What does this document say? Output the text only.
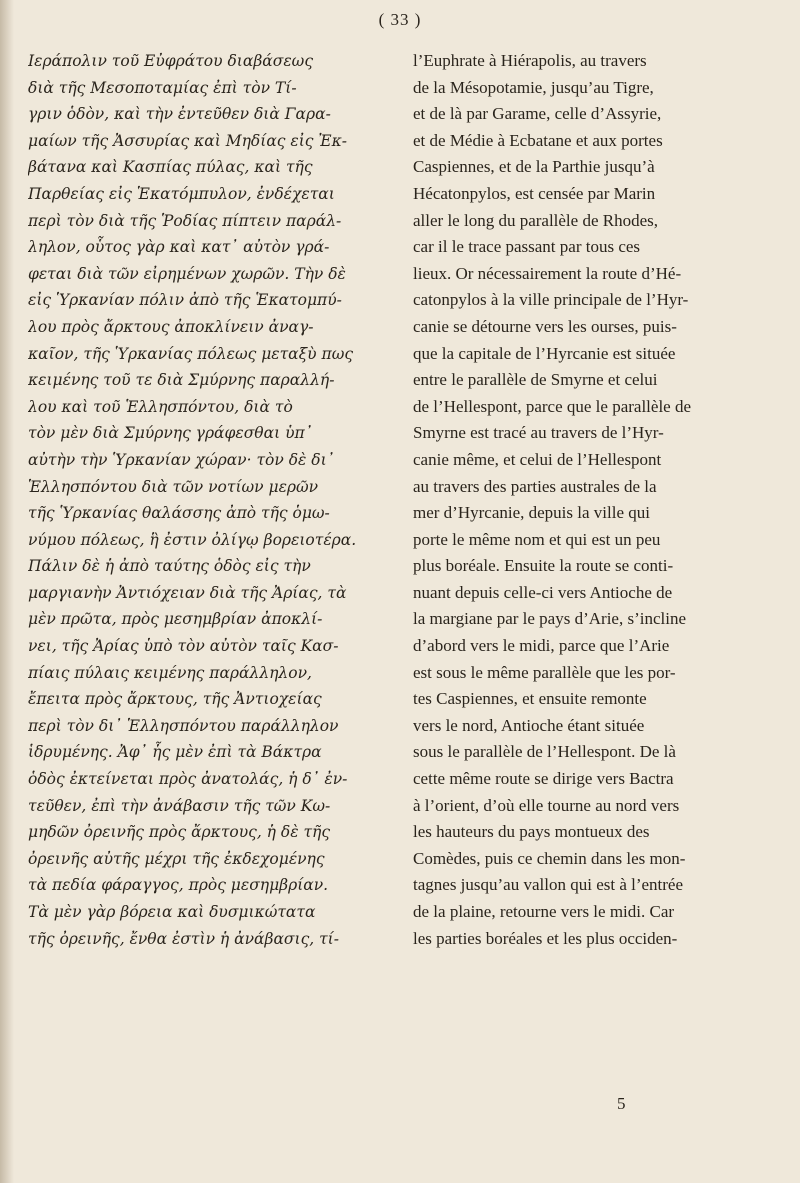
( 33 )
Ιεράπολιν τοῦ Εὐφράτου διαβάσεως
διὰ τῆς Μεσοποταμίας ἐπὶ τὸν Τί-
γριν ὁδὸν, καὶ τὴν ἐντεῦθεν διὰ Γαρα-
μαίων τῆς Ἀσσυρίας καὶ Μηδίας εἰς Ἐκ-
βάτανα καὶ Κασπίας πύλας, καὶ τῆς
Παρθείας εἰς Ἑκατόμπυλον, ἐνδέχεται
περὶ τὸν διὰ τῆς Ῥοδίας πίπτειν παράλ-
ληλον, οὗτος γὰρ καὶ κατ᾽ αὐτὸν γρά-
φεται διὰ τῶν εἰρημένων χωρῶν. Τὴν δὲ
εἰς Ὑρκανίαν πόλιν ἀπὸ τῆς Ἑκατομπύ-
λου πρὸς ἄρκτους ἀποκλίνειν ἀναγ-
καῖον, τῆς Ὑρκανίας πόλεως μεταξὺ πως
κειμένης τοῦ τε διὰ Σμύρνης παραλλή-
λου καὶ τοῦ Ἑλλησπόντου, διὰ τὸ
τὸν μὲν διὰ Σμύρνης γράφεσθαι ὑπ᾽
αὐτὴν τὴν Ὑρκανίαν χώραν· τὸν δὲ δι᾽
Ἑλλησπόντου διὰ τῶν νοτίων μερῶν
τῆς Ὑρκανίας θαλάσσης ἀπὸ τῆς ὁμω-
νύμου πόλεως, ἣ ἐστιν ὀλίγῳ βορειοτέρα.
Πάλιν δὲ ἡ ἀπὸ ταύτης ὁδὸς εἰς τὴν
μαργιανὴν Ἀντιόχειαν διὰ τῆς Ἀρίας, τὰ
μὲν πρῶτα, πρὸς μεσημβρίαν ἀποκλί-
νει, τῆς Ἀρίας ὑπὸ τὸν αὐτὸν ταῖς Κασ-
πίαις πύλαις κειμένης παράλληλον,
ἔπειτα πρὸς ἄρκτους, τῆς Ἀντιοχείας
περὶ τὸν δι᾽ Ἑλλησπόντου παράλληλον
ἱδρυμένης. Ἀφ᾽ ἧς μὲν ἐπὶ τὰ Βάκτρα
ὁδὸς ἐκτείνεται πρὸς ἀνατολάς, ἡ δ᾽ ἐν-
τεῦθεν, ἐπὶ τὴν ἀνάβασιν τῆς τῶν Κω-
μηδῶν ὀρεινῆς πρὸς ἄρκτους, ἡ δὲ τῆς
ὀρεινῆς αὐτῆς μέχρι τῆς ἐκδεχομένης
τὰ πεδία φάραγγος, πρὸς μεσημβρίαν.
Τὰ μὲν γὰρ βόρεια καὶ δυσμικώτατα
τῆς ὀρεινῆς, ἔνθα ἐστὶν ἡ ἀνάβασις, τί-
l’Euphrate à Hiérapolis, au travers
de la Mésopotamie, jusqu’au Tigre,
et de là par Garame, celle d’Assyrie,
et de Médie à Ecbatane et aux portes
Caspiennes, et de la Parthie jusqu’à
Hécatonpylos, est censée par Marin
aller le long du parallèle de Rhodes,
car il le trace passant par tous ces
lieux. Or nécessairement la route d’Hé-
catonpylos à la ville principale de l’Hyr-
canie se détourne vers les ourses, puis-
que la capitale de l’Hyrcanie est située
entre le parallèle de Smyrne et celui
de l’Hellespont, parce que le parallèle de
Smyrne est tracé au travers de l’Hyr-
canie même, et celui de l’Hellespont
au travers des parties australes de la
mer d’Hyrcanie, depuis la ville qui
porte le même nom et qui est un peu
plus boréale. Ensuite la route se conti-
nuant depuis celle-ci vers Antioche de
la margiane par le pays d’Arie, s’incline
d’abord vers le midi, parce que l’Arie
est sous le même parallèle que les por-
tes Caspiennes, et ensuite remonte
vers le nord, Antioche étant située
sous le parallèle de l’Hellespont. De là
cette même route se dirige vers Bactra
à l’orient, d’où elle tourne au nord vers
les hauteurs du pays montueux des
Comèdes, puis ce chemin dans les mon-
tagnes jusqu’au vallon qui est à l’entrée
de la plaine, retourne vers le midi. Car
les parties boréales et les plus occiden-
5
